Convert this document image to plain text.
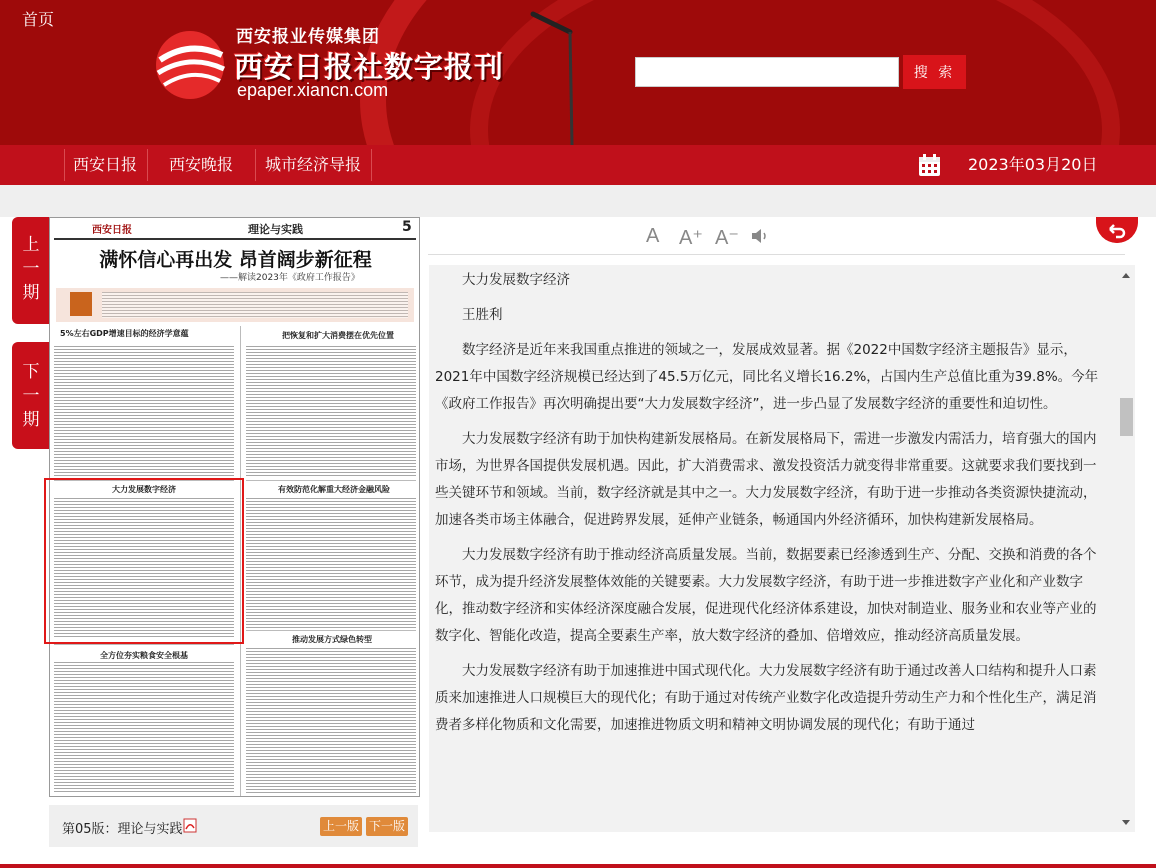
西安报业传媒集团
西安日报社数字报刊
epaper.xiancn.com
搜 索
首页
西安日报	西安晚报	城市经济导报	2023年03月20日
上
一
期
下
一
期
西安日报	理论与实践	5
满怀信心再出发 昂首阔步新征程
——解读2023年《政府工作报告》
5%左右GDP增速目标的经济学意蕴	把恢复和扩大消费摆在优先位置
大力发展数字经济	有效防范化解重大经济金融风险
推动发展方式绿色转型
全方位夯实粮食安全根基
第05版：理论与实践	上一版 下一版
A A⁺ A⁻
大力发展数字经济
王胜利

数字经济是近年来我国重点推进的领域之一，发展成效显著。据《2022中国数字经济主题报告》显示，2021年中国数字经济规模已经达到了45.5万亿元，同比名义增长16.2%，占国内生产总值比重为39.8%。今年《政府工作报告》再次明确提出要“大力发展数字经济”，进一步凸显了发展数字经济的重要性和迫切性。

大力发展数字经济有助于加快构建新发展格局。在新发展格局下，需进一步激发内需活力，培育强大的国内市场，为世界各国提供发展机遇。因此，扩大消费需求、激发投资活力就变得非常重要。这就要求我们要找到一些关键环节和领域。当前，数字经济就是其中之一。大力发展数字经济，有助于进一步推动各类资源快捷流动，加速各类市场主体融合，促进跨界发展，延伸产业链条，畅通国内外经济循环，加快构建新发展格局。

大力发展数字经济有助于推动经济高质量发展。当前，数据要素已经渗透到生产、分配、交换和消费的各个环节，成为提升经济发展整体效能的关键要素。大力发展数字经济，有助于进一步推进数字产业化和产业数字化，推动数字经济和实体经济深度融合发展，促进现代化经济体系建设，加快对制造业、服务业和农业等产业的数字化、智能化改造，提高全要素生产率，放大数字经济的叠加、倍增效应，推动经济高质量发展。

大力发展数字经济有助于加速推进中国式现代化。大力发展数字经济有助于通过改善人口结构和提升人口素质来加速推进人口规模巨大的现代化；有助于通过对传统产业数字化改造提升劳动生产力和个性化生产，满足消费者多样化物质和文化需要，加速推进物质文明和精神文明协调发展的现代化；有助于通过
